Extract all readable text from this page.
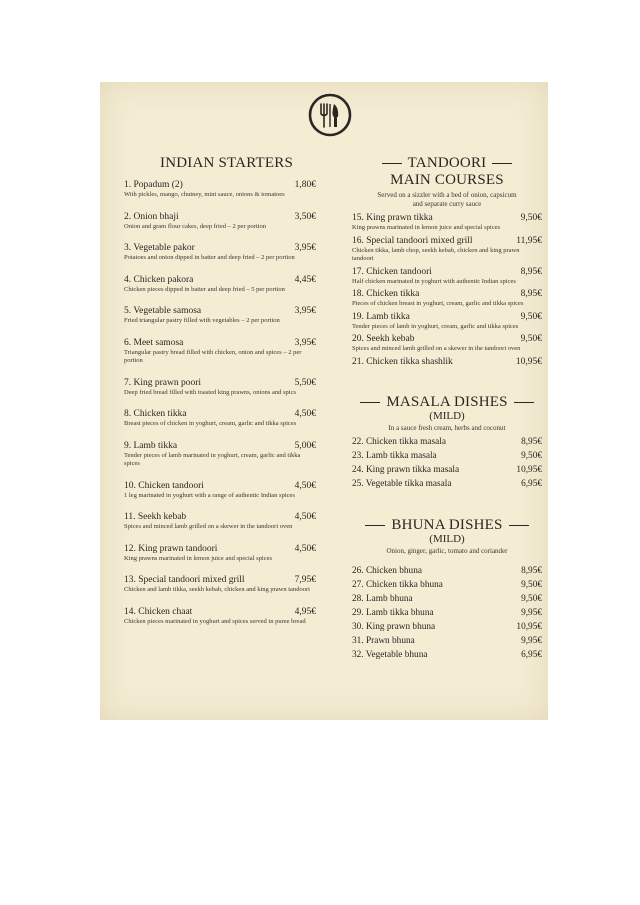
INDIAN STARTERS
1. Popadum (2)	1,80€
With pickles, mango, chutney, mint sauce, onions & tomatoes
2. Onion bhaji	3,50€
Onion and gram flour cakes, deep fried – 2 per portion
3. Vegetable pakor	3,95€
Potatoes and onion dipped in batter and deep fried – 2 per portion
4. Chicken pakora	4,45€
Chicken pieces dipped in batter and deep fried – 5 per portion
5. Vegetable samosa	3,95€
Fried triangular pastry filled with vegetables – 2 per portion
6. Meet samosa	3,95€
Triangular pastry bread filled with chicken, onion and spices – 2 per portion
7. King prawn poori	5,50€
Deep fried bread filled with toasted king prawns, onions and spics
8. Chicken tikka	4,50€
Breast pieces of chicken in yoghurt, cream, garlic and tikka spices
9. Lamb tikka	5,00€
Tender pieces of lamb marinated in yoghurt, cream, garlic and tikka spices
10. Chicken tandoori	4,50€
1 leg marinated in yoghurt with a range of authentic Indian spices
11. Seekh kebab	4,50€
Spices and minced lamb grilled on a skewer in the tandoori oven
12. King prawn tandoori	4,50€
King prawns marinated in lemon juice and special spices
13. Special tandoori mixed grill	7,95€
Chicken and lamb tikka, seekh kebab, chicken and king prawn tandoori
14. Chicken chaat	4,95€
Chicken pieces marinated in yoghurt and spices served in puree bread
TANDOORI
MAIN COURSES
Served on a sizzler with a bed of onion, capsicum and separate curry sauce
15. King prawn tikka	9,50€
King prawns marinated in lemon juice and special spices
16. Special tandoori mixed grill	11,95€
Chicken tikka, lamb chop, seekh kebab, chicken and king prawn tandoori
17. Chicken tandoori	8,95€
Half chicken marinated in yoghurt with authentic Indian spices
18. Chicken tikka	8,95€
Pieces of chicken breast in yoghurt, cream, garlic and tikka spices
19. Lamb tikka	9,50€
Tender pieces of lamb in yoghurt, cream, garlic and tikka spices
20. Seekh kebab	9,50€
Spices and minced lamb grilled on a skewer in the tandoori oven
21. Chicken tikka shashlik	10,95€
MASALA DISHES
(MILD)
In a sauce fresh cream, herbs and coconut
22. Chicken tikka masala	8,95€
23. Lamb tikka masala	9,50€
24. King prawn tikka masala	10,95€
25. Vegetable tikka masala	6,95€
BHUNA DISHES
(MILD)
Onion, ginger, garlic, tomato and coriander
26. Chicken bhuna	8,95€
27. Chicken tikka bhuna	9,50€
28. Lamb bhuna	9,50€
29. Lamb tikka bhuna	9,95€
30. King prawn bhuna	10,95€
31. Prawn bhuna	9,95€
32. Vegetable bhuna	6,95€
